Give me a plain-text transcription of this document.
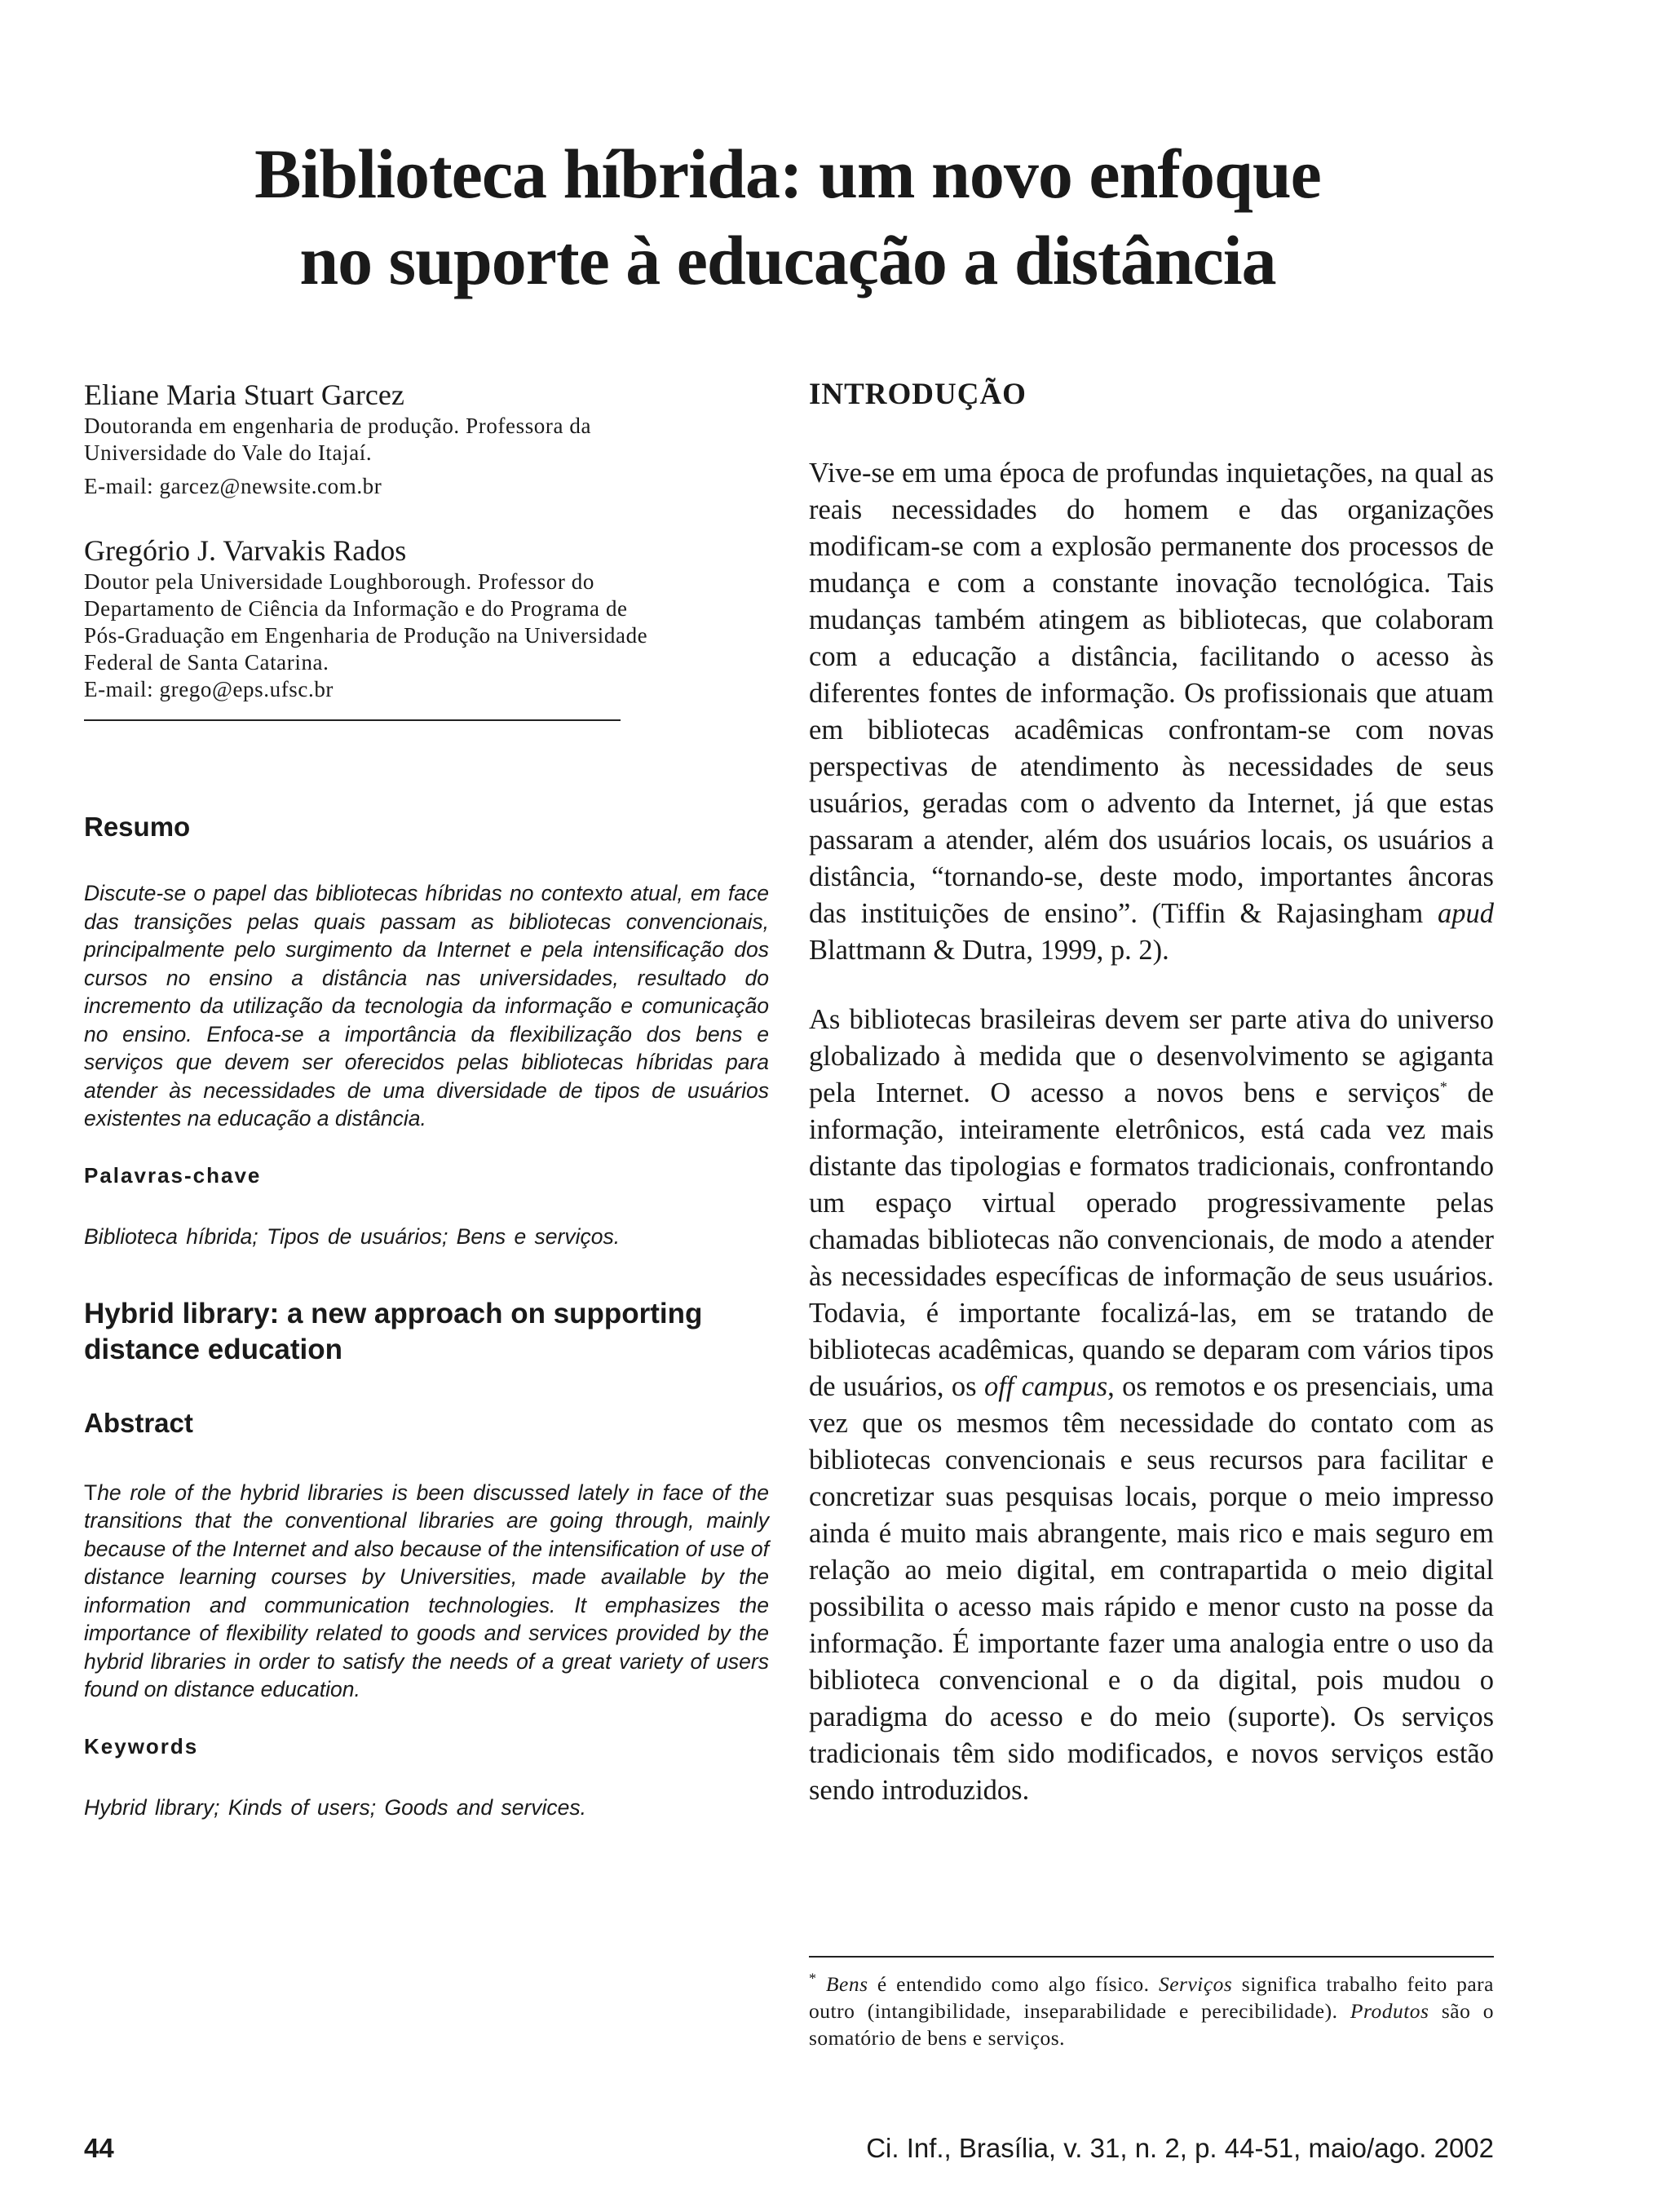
Biblioteca híbrida: um novo enfoque
no suporte à educação a distância

Eliane Maria Stuart Garcez

Doutoranda em engenharia de produção. Professora da

Universidade do Vale do Itajaí.

E-mail: garcez@newsite.com.br

Gregório J. Varvakis Rados

Doutor pela Universidade Loughborough. Professor do

Departamento de Ciência da Informação e do Programa de

Pós-Graduação em Engenharia de Produção na Universidade

Federal de Santa Catarina.

E-mail: grego@eps.ufsc.br

Resumo

Discute-se o papel das bibliotecas híbridas no contexto atual, em face das transições pelas quais passam as bibliotecas convencionais, principalmente pelo surgimento da Internet e pela intensificação dos cursos no ensino a distância nas universidades, resultado do incremento da utilização da tecnologia da informação e comunicação no ensino. Enfoca-se a importância da flexibilização dos bens e serviços que devem ser oferecidos pelas bibliotecas híbridas para atender às necessidades de uma diversidade de tipos de usuários existentes na educação a distância.

Palavras-chave

Biblioteca híbrida; Tipos de usuários; Bens e serviços.

Hybrid library: a new approach on supporting
distance education

Abstract

The role of the hybrid libraries is been discussed lately in face of the transitions that the conventional libraries are going through, mainly because of the Internet and also because of the intensification of use of distance learning courses by Universities, made available by the information and communication technologies. It emphasizes the importance of flexibility related to goods and services provided by the hybrid libraries in order to satisfy the needs of a great variety of users found on distance education.

Keywords

Hybrid library; Kinds of users; Goods and services.

INTRODUÇÃO

Vive-se em uma época de profundas inquietações, na qual as reais necessidades do homem e das organizações modificam-se com a explosão permanente dos processos de mudança e com a constante inovação tecnológica. Tais mudanças também atingem as bibliotecas, que colaboram com a educação a distância, facilitando o acesso às diferentes fontes de informação. Os profissionais que atuam em bibliotecas acadêmicas confrontam-se com novas perspectivas de atendimento às necessidades de seus usuários, geradas com o advento da Internet, já que estas passaram a atender, além dos usuários locais, os usuários a distância, “tornando-se, deste modo, importantes âncoras das instituições de ensino”. (Tiffin & Rajasingham apud Blattmann & Dutra, 1999, p. 2).

As bibliotecas brasileiras devem ser parte ativa do universo globalizado à medida que o desenvolvimento se agiganta pela Internet. O acesso a novos bens e serviços* de informação, inteiramente eletrônicos, está cada vez mais distante das tipologias e formatos tradicionais, confrontando um espaço virtual operado progressivamente pelas chamadas bibliotecas não convencionais, de modo a atender às necessidades específicas de informação de seus usuários. Todavia, é importante focalizá-las, em se tratando de bibliotecas acadêmicas, quando se deparam com vários tipos de usuários, os off campus, os remotos e os presenciais, uma vez que os mesmos têm necessidade do contato com as bibliotecas convencionais e seus recursos para facilitar e concretizar suas pesquisas locais, porque o meio impresso ainda é muito mais abrangente, mais rico e mais seguro em relação ao meio digital, em contrapartida o meio digital possibilita o acesso mais rápido e menor custo na posse da informação. É importante fazer uma analogia entre o uso da biblioteca convencional e o da digital, pois mudou o paradigma do acesso e do meio (suporte). Os serviços tradicionais têm sido modificados, e novos serviços estão sendo introduzidos.

* Bens é entendido como algo físico. Serviços significa trabalho feito para outro (intangibilidade, inseparabilidade e perecibilidade). Produtos são o somatório de bens e serviços.

44	Ci. Inf., Brasília, v. 31, n. 2, p. 44-51, maio/ago. 2002
